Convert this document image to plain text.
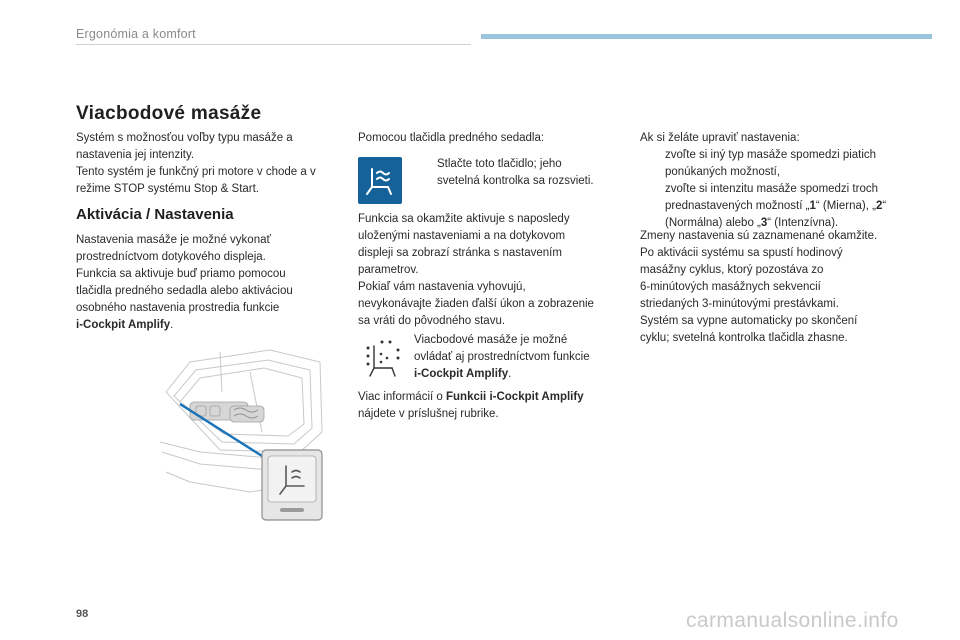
Ergonómia a komfort
Viacbodové masáže

Systém s možnosťou voľby typu masáže a
nastavenia jej intenzity.
Tento systém je funkčný pri motore v chode a v
režime STOP systému Stop & Start.

Aktivácia / Nastavenia

Nastavenia masáže je možné vykonať
prostredníctvom dotykového displeja.
Funkcia sa aktivuje buď priamo pomocou
tlačidla predného sedadla alebo aktiváciou
osobného nastavenia prostredia funkcie
i-Cockpit Amplify.

Pomocou tlačidla predného sedadla:

Stlačte toto tlačidlo; jeho
svetelná kontrolka sa rozsvieti.

Funkcia sa okamžite aktivuje s naposledy
uloženými nastaveniami a na dotykovom
displeji sa zobrazí stránka s nastavením
parametrov.
Pokiaľ vám nastavenia vyhovujú,
nevykonávajte žiaden ďalší úkon a zobrazenie
sa vráti do pôvodného stavu.

Viacbodové masáže je možné
ovládať aj prostredníctvom funkcie
i-Cockpit Amplify.

Viac informácií o Funkcii i-Cockpit Amplify
nájdete v príslušnej rubrike.

Ak si želáte upraviť nastavenia:

zvoľte si iný typ masáže spomedzi piatich
ponúkaných možností,

zvoľte si intenzitu masáže spomedzi troch
prednastavených možností „1“ (Mierna), „2“
(Normálna) alebo „3“ (Intenzívna).

Zmeny nastavenia sú zaznamenané okamžite.
Po aktivácii systému sa spustí hodinový
masážny cyklus, ktorý pozostáva zo
6-minútových masážnych sekvencií
striedaných 3-minútovými prestávkami.
Systém sa vypne automaticky po skončení
cyklu; svetelná kontrolka tlačidla zhasne.

98	carmanualsonline.info
